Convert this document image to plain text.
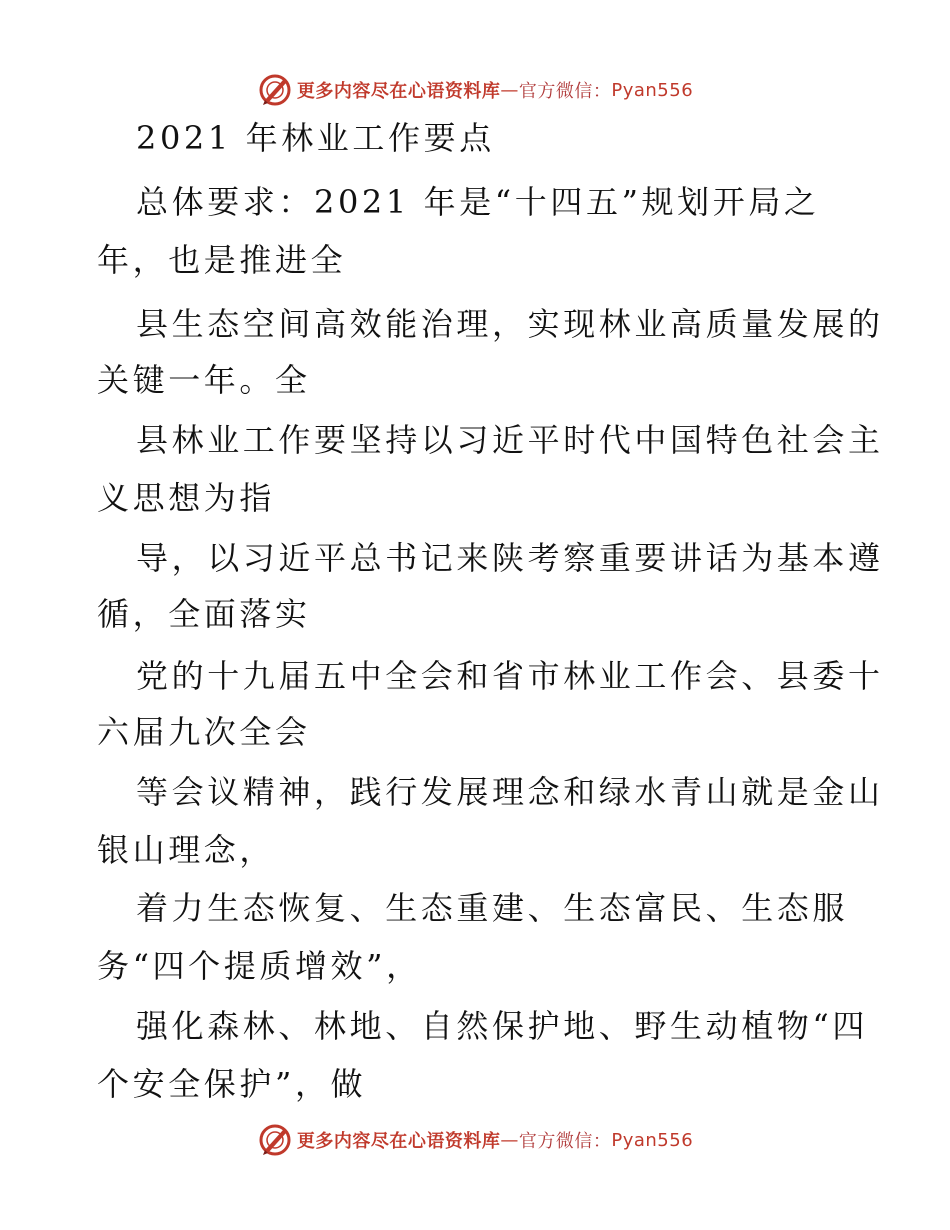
更多内容尽在心语资料库 — 官方微信： Pyan556
2021 年林业工作要点
总体要求：2021 年是“十四五”规划开局之
年，也是推进全
县生态空间高效能治理，实现林业高质量发展的
关键一年。全
县林业工作要坚持以习近平时代中国特色社会主
义思想为指
导，以习近平总书记来陕考察重要讲话为基本遵
循，全面落实
党的十九届五中全会和省市林业工作会、县委十
六届九次全会
等会议精神，践行发展理念和绿水青山就是金山
银山理念，
着力生态恢复、生态重建、生态富民、生态服
务“四个提质增效”，
强化森林、林地、自然保护地、野生动植物“四
个安全保护”，做
更多内容尽在心语资料库 — 官方微信： Pyan556
